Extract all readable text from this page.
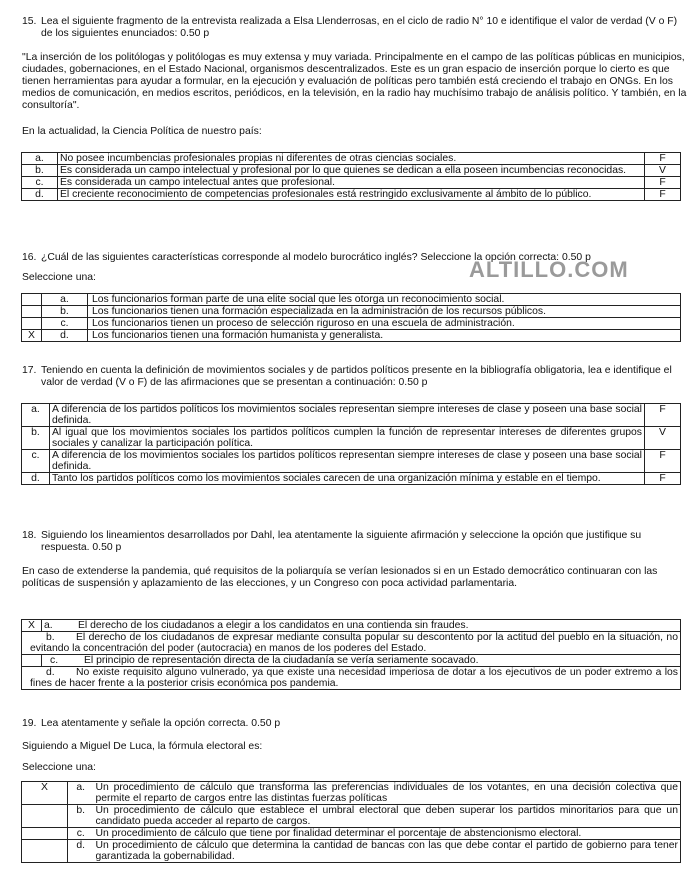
15. Lea el siguiente fragmento de la entrevista realizada a Elsa Llenderrosas, en el ciclo de radio N° 10 e identifique el valor de verdad (V o F) de los siguientes enunciados: 0.50 p
"La inserción de los politólogas y politólogas es muy extensa y muy variada. Principalmente en el campo de las políticas públicas en municipios, ciudades, gobernaciones, en el Estado Nacional, organismos descentralizados. Este es un gran espacio de inserción porque lo cierto es que tienen herramientas para ayudar a formular, en la ejecución y evaluación de políticas pero también está creciendo el trabajo en ONGs. En los medios de comunicación, en medios escritos, periódicos, en la televisión, en la radio hay muchísimo trabajo de análisis político. Y también, en la consultoría".
En la actualidad, la Ciencia Política de nuestro país:
a.	No posee incumbencias profesionales propias ni diferentes de otras ciencias sociales.	F
b.	Es considerada un campo intelectual y profesional por lo que quienes se dedican a ella poseen incumbencias reconocidas.	V
c.	Es considerada un campo intelectual antes que profesional.	F
d.	El creciente reconocimiento de competencias profesionales está restringido exclusivamente al ámbito de lo público.	F
16. ¿Cuál de las siguientes características corresponde al modelo burocrático inglés? Seleccione la opción correcta: 0.50 p
Seleccione una:	ALTILLO.COM
	a.	Los funcionarios forman parte de una elite social que les otorga un reconocimiento social.
	b.	Los funcionarios tienen una formación especializada en la administración de los recursos públicos.
	c.	Los funcionarios tienen un proceso de selección riguroso en una escuela de administración.
X	d.	Los funcionarios tienen una formación humanista y generalista.
17. Teniendo en cuenta la definición de movimientos sociales y de partidos políticos presente en la bibliografía obligatoria, lea e identifique el valor de verdad (V o F) de las afirmaciones que se presentan a continuación: 0.50 p
a.	A diferencia de los partidos políticos los movimientos sociales representan siempre intereses de clase y poseen una base social definida.	F
b.	Al igual que los movimientos sociales los partidos políticos cumplen la función de representar intereses de diferentes grupos sociales y canalizar la participación política.	V
c.	A diferencia de los movimientos sociales los partidos políticos representan siempre intereses de clase y poseen una base social definida.	F
d.	Tanto los partidos políticos como los movimientos sociales carecen de una organización mínima y estable en el tiempo.	F
18. Siguiendo los lineamientos desarrollados por Dahl, lea atentamente la siguiente afirmación y seleccione la opción que justifique su respuesta. 0.50 p
En caso de extenderse la pandemia, qué requisitos de la poliarquía se verían lesionados si en un Estado democrático continuaran con las políticas de suspensión y aplazamiento de las elecciones, y un Congreso con poca actividad parlamentaria.
X	a. El derecho de los ciudadanos a elegir a los candidatos en una contienda sin fraudes.
b. El derecho de los ciudadanos de expresar mediante consulta popular su descontento por la actitud del pueblo en la situación, no evitando la concentración del poder (autocracia) en manos de los poderes del Estado.	
	c. El principio de representación directa de la ciudadanía se vería seriamente socavado.
d. No existe requisito alguno vulnerado, ya que existe una necesidad imperiosa de dotar a los ejecutivos de un poder extremo a los fines de hacer frente a la posterior crisis económica pos pandemia.	
19. Lea atentamente y señale la opción correcta. 0.50 p
Siguiendo a Miguel De Luca, la fórmula electoral es:
Seleccione una:
X	a.	Un procedimiento de cálculo que transforma las preferencias individuales de los votantes, en una decisión colectiva que permite el reparto de cargos entre las distintas fuerzas políticas
	b.	Un procedimiento de cálculo que establece el umbral electoral que deben superar los partidos minoritarios para que un candidato pueda acceder al reparto de cargos.
	c.	Un procedimiento de cálculo que tiene por finalidad determinar el porcentaje de abstencionismo electoral.
	d.	Un procedimiento de cálculo que determina la cantidad de bancas con las que debe contar el partido de gobierno para tener garantizada la gobernabilidad.
